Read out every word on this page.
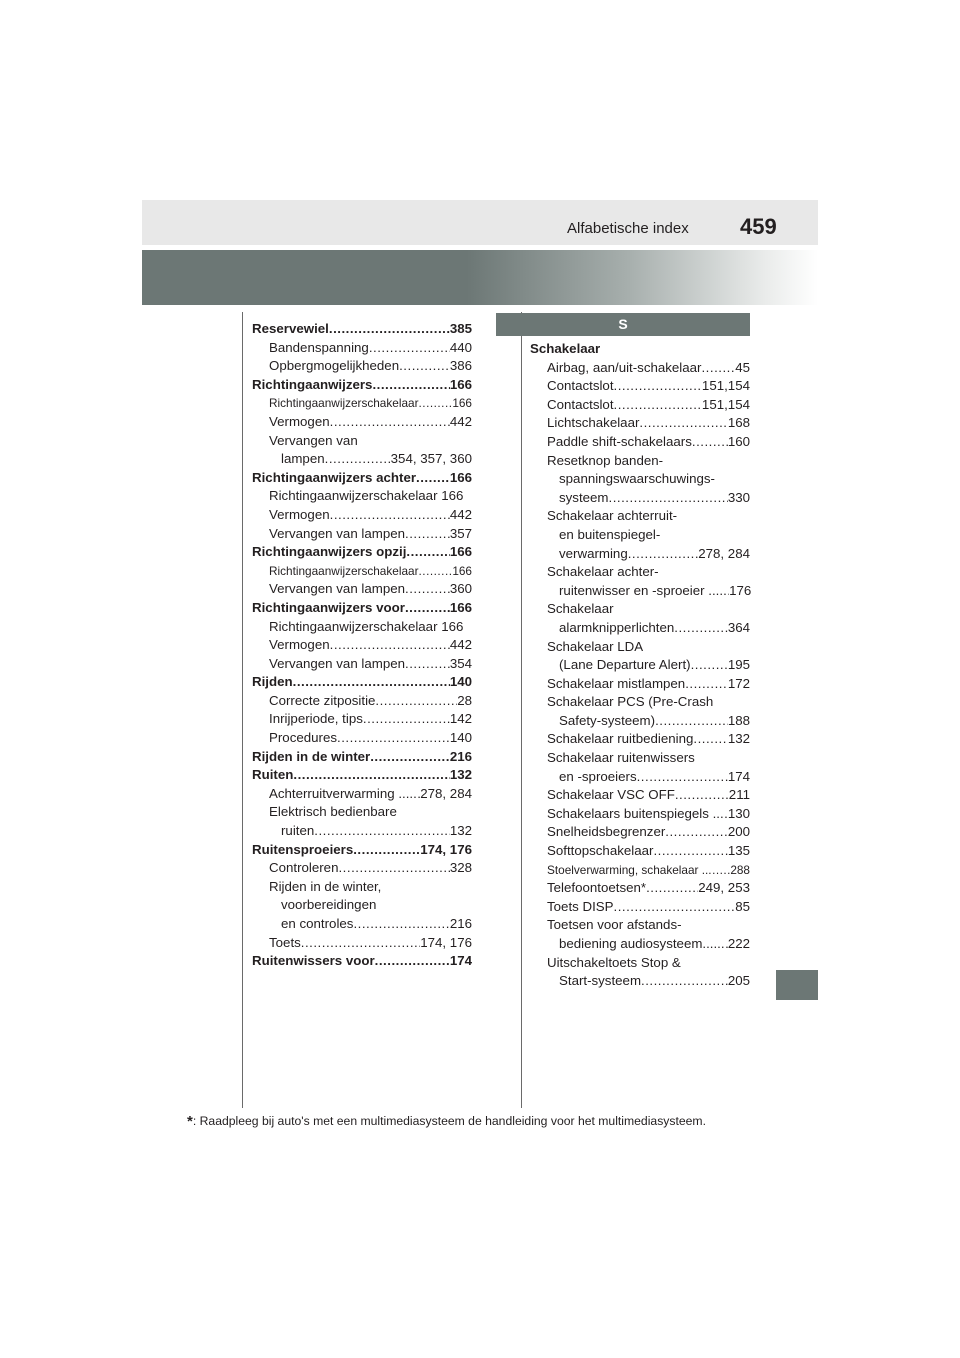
Alfabetische index 459
S
Reservewiel .....	385
Bandenspanning .....	440
Opbergmogelijkheden .....	386
Richtingaanwijzers .....	166
Richtingaanwijzerschakelaar .....	166
Vermogen .....	442
Vervangen van
lampen .....	354, 357, 360
Richtingaanwijzers achter .....	166
Richtingaanwijzerschakelaar 166
Vermogen .....	442
Vervangen van lampen .....	357
Richtingaanwijzers opzij .....	166
Richtingaanwijzerschakelaar .....	166
Vervangen van lampen .....	360
Richtingaanwijzers voor .....	166
Richtingaanwijzerschakelaar 166
Vermogen .....	442
Vervangen van lampen .....	354
Rijden .....	140
Correcte zitpositie .....	28
Inrijperiode, tips .....	142
Procedures .....	140
Rijden in de winter .....	216
Ruiten .....	132
Achterruitverwarming .... ..... 278, 284
Elektrisch bedienbare
ruiten .....	132
Ruitensproeiers .....	174, 176
Controleren .....	328
Rijden in de winter,
voorbereidingen
en controles .....	216
Toets .....	174, 176
Ruitenwissers voor .....	174
Schakelaar
Airbag, aan/uit-schakelaar .....	45
Contactslot .....	151,154
Contactslot .....	151,154
Lichtschakelaar .....	168
Paddle shift-schakelaars .....	160
Resetknop banden-
spanningswaarschuwings-
systeem .....	330
Schakelaar achterruit-
en buitenspiegel-
verwarming .....	278, 284
Schakelaar achter-
ruitenwisser en -sproeier .... ..... 176
Schakelaar
alarmknipperlichten .....	364
Schakelaar LDA
(Lane Departure Alert) .....	195
Schakelaar mistlampen .....	172
Schakelaar PCS (Pre-Crash
Safety-systeem) .....	188
Schakelaar ruitbediening .....	132
Schakelaar ruitenwissers
en -sproeiers .....	174
Schakelaar VSC OFF .....	211
Schakelaars buitenspiegels .. ..... 130
Snelheidsbegrenzer .....	200
Softtopschakelaar .....	135
Stoelverwarming, schakelaar .. ..... 288
Telefoontoetsen* .....	249, 253
Toets DISP .....	85
Toetsen voor afstands-
bediening audiosysteem..... ..... 222
Uitschakeltoets Stop &
Start-systeem .....	205
*: Raadpleeg bij auto's met een multimediasysteem de handleiding voor het multimediasysteem.
